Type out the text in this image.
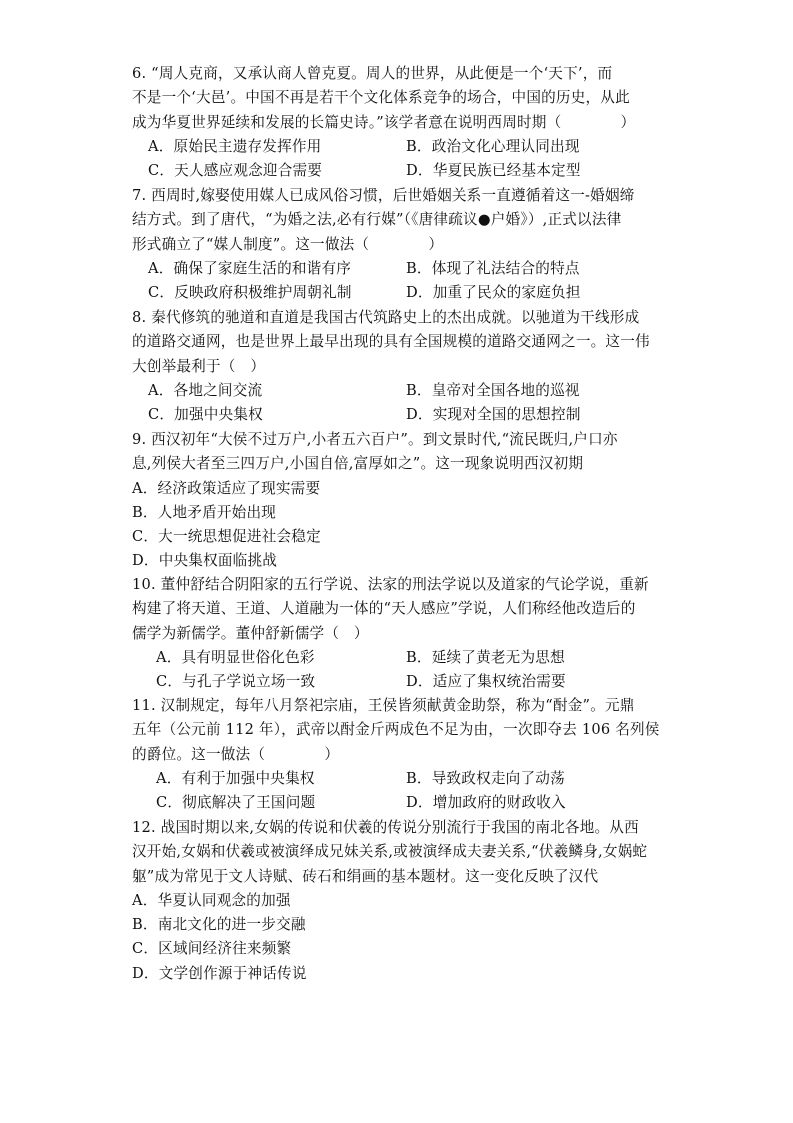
6. “周人克商，又承认商人曾克夏。周人的世界，从此便是一个‘天下’，而
不是一个‘大邑’。中国不再是若干个文化体系竞争的场合，中国的历史，从此
成为华夏世界延续和发展的长篇史诗。”该学者意在说明西周时期（　　　　）
A．原始民主遗存发挥作用	B．政治文化心理认同出现
C．天人感应观念迎合需要	D．华夏民族已经基本定型
7. 西周时,嫁娶使用媒人已成风俗习惯，后世婚姻关系一直遵循着这一-婚姻缔
结方式。到了唐代，“为婚之法,必有行媒”（《唐律疏议●户婚》）,正式以法律
形式确立了“媒人制度”。这一做法（　　　　）
A．确保了家庭生活的和谐有序	B．体现了礼法结合的特点
C．反映政府积极维护周朝礼制	D．加重了民众的家庭负担
8. 秦代修筑的驰道和直道是我国古代筑路史上的杰出成就。以驰道为干线形成
的道路交通网，也是世界上最早出现的具有全国规模的道路交通网之一。这一伟
大创举最利于（　）
A．各地之间交流	B．皇帝对全国各地的巡视
C．加强中央集权	D．实现对全国的思想控制
9. 西汉初年“大侯不过万户,小者五六百户”。到文景时代,“流民既归,户口亦
息,列侯大者至三四万户,小国自倍,富厚如之”。这一现象说明西汉初期
A．经济政策适应了现实需要
B．人地矛盾开始出现
C．大一统思想促进社会稳定
D．中央集权面临挑战
10. 董仲舒结合阴阳家的五行学说、法家的刑法学说以及道家的气论学说，重新
构建了将天道、王道、人道融为一体的“天人感应”学说，人们称经他改造后的
儒学为新儒学。董仲舒新儒学（　）
A．具有明显世俗化色彩	B．延续了黄老无为思想
C．与孔子学说立场一致	D．适应了集权统治需要
11. 汉制规定，每年八月祭祀宗庙，王侯皆须献黄金助祭，称为“酎金”。元鼎
五年（公元前 112 年），武帝以酎金斤两成色不足为由，一次即夺去 106 名列侯
的爵位。这一做法（　　　　）
A．有利于加强中央集权	B．导致政权走向了动荡
C．彻底解决了王国问题	D．增加政府的财政收入
12. 战国时期以来,女娲的传说和伏羲的传说分别流行于我国的南北各地。从西
汉开始,女娲和伏羲或被演绎成兄妹关系,或被演绎成夫妻关系,“伏羲鳞身,女娲蛇
躯”成为常见于文人诗赋、砖石和绢画的基本题材。这一变化反映了汉代
A．华夏认同观念的加强
B．南北文化的进一步交融
C．区域间经济往来频繁
D．文学创作源于神话传说
